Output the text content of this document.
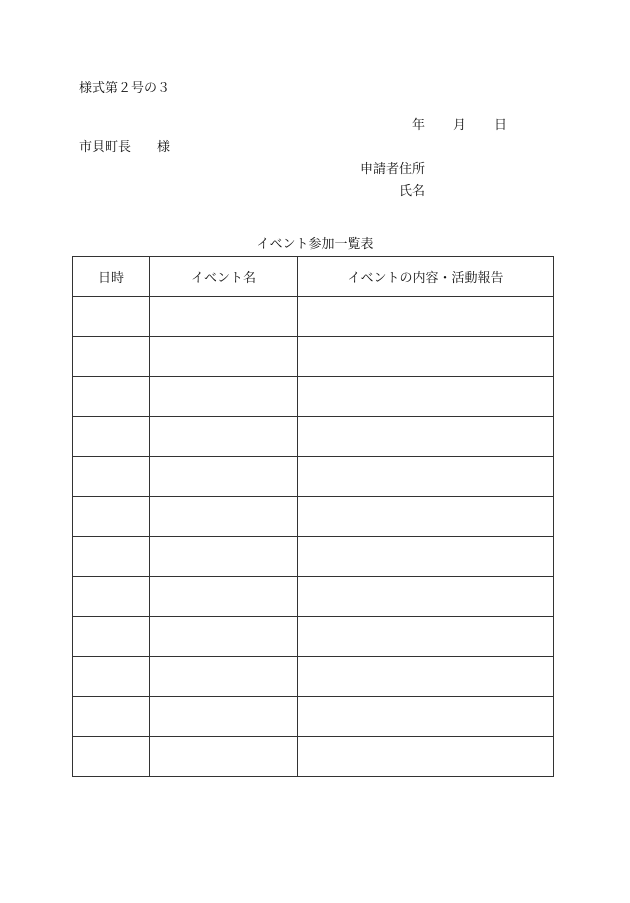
様式第２号の３
年 月 日
市貝町長 様
申請者住所
氏名
イベント参加一覧表
日時	イベント名	イベントの内容・活動報告
